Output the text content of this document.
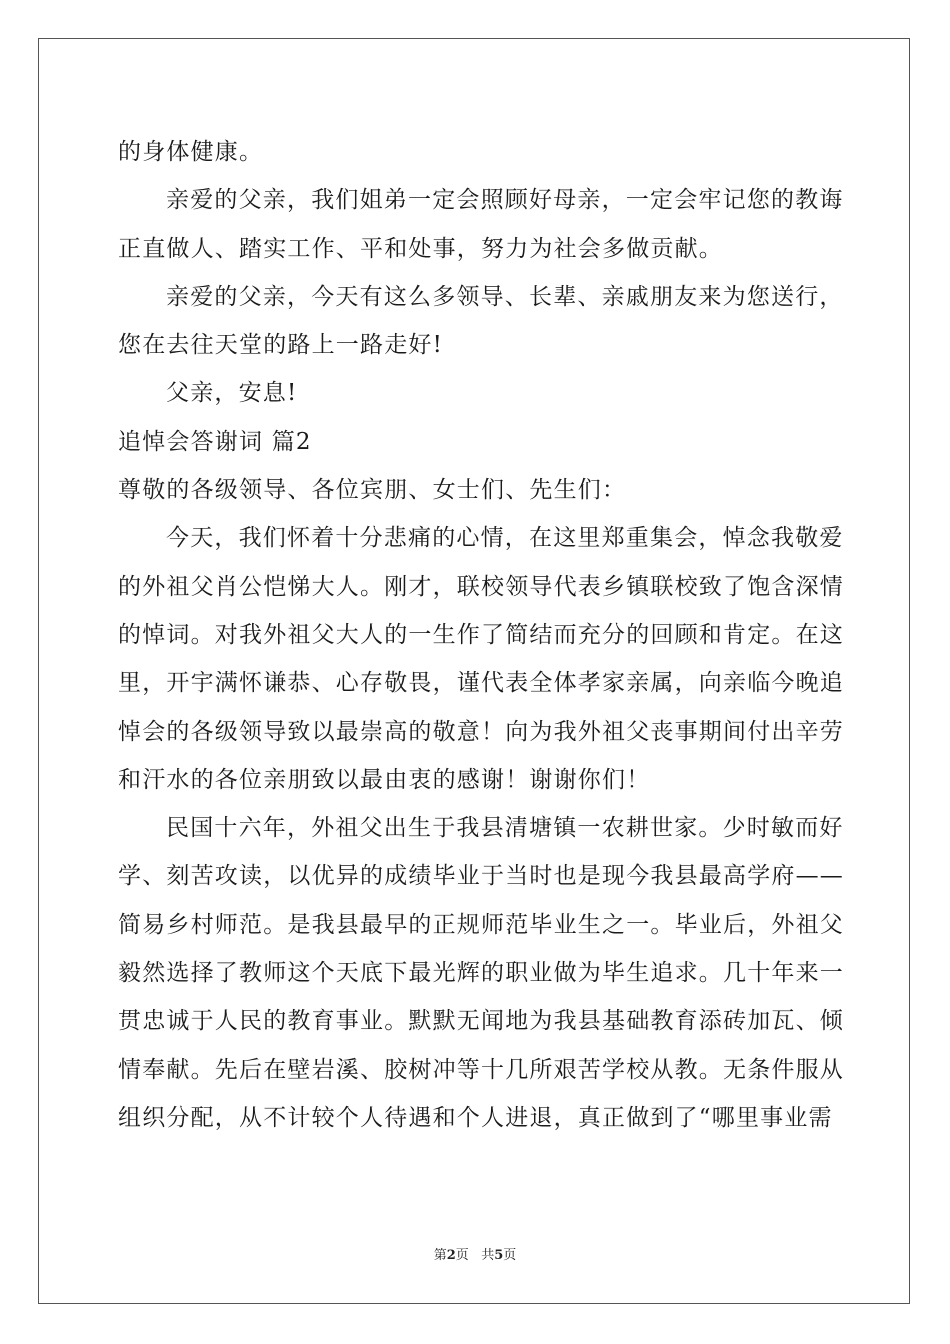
的身体健康。

亲爱的父亲，我们姐弟一定会照顾好母亲，一定会牢记您的教诲
正直做人、踏实工作、平和处事，努力为社会多做贡献。

亲爱的父亲，今天有这么多领导、长辈、亲戚朋友来为您送行，
您在去往天堂的路上一路走好!

父亲，安息!

追悼会答谢词 篇2

尊敬的各级领导、各位宾朋、女士们、先生们：

今天，我们怀着十分悲痛的心情，在这里郑重集会，悼念我敬爱
的外祖父肖公恺悌大人。刚才，联校领导代表乡镇联校致了饱含深情
的悼词。对我外祖父大人的一生作了简结而充分的回顾和肯定。在这
里，开宇满怀谦恭、心存敬畏，谨代表全体孝家亲属，向亲临今晚追
悼会的各级领导致以最崇高的敬意！向为我外祖父丧事期间付出辛劳
和汗水的各位亲朋致以最由衷的感谢！谢谢你们！

民国十六年，外祖父出生于我县清塘镇一农耕世家。少时敏而好
学、刻苦攻读，以优异的成绩毕业于当时也是现今我县最高学府——
简易乡村师范。是我县最早的正规师范毕业生之一。毕业后，外祖父
毅然选择了教师这个天底下最光辉的职业做为毕生追求。几十年来一
贯忠诚于人民的教育事业。默默无闻地为我县基础教育添砖加瓦、倾
情奉献。先后在壁岩溪、胶树冲等十几所艰苦学校从教。无条件服从
组织分配，从不计较个人待遇和个人进退，真正做到了“哪里事业需

第2页 共5页
